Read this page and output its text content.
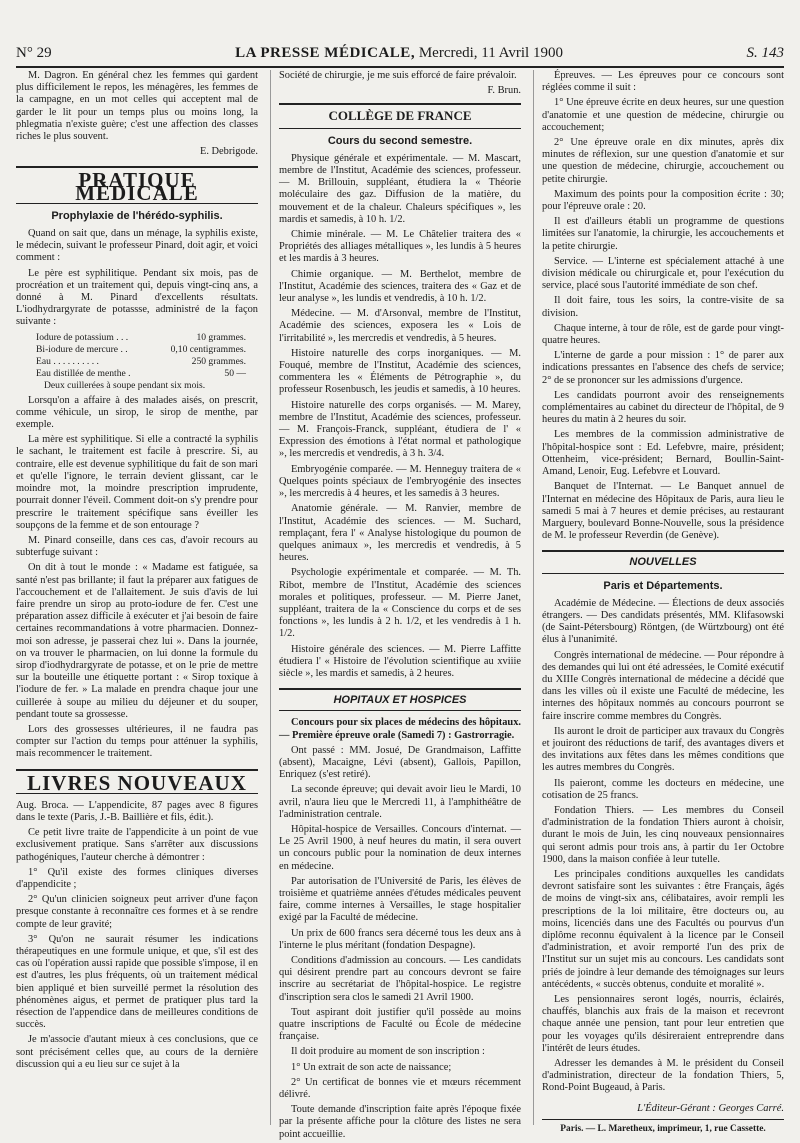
N° 29	LA PRESSE MÉDICALE, Mercredi, 11 Avril 1900	S. 143

M. Dagron. En général chez les femmes qui gardent plus difficilement le repos, les ménagères, les femmes de la campagne, en un mot celles qui acceptent mal de garder le lit pour un temps plus ou moins long, la phlegmatia n'existe guère; c'est une affection des classes riches le plus souvent.

E. Debrigode.

PRATIQUE MÉDICALE
Prophylaxie de l'hérédo-syphilis.

Quand on sait que, dans un ménage, la syphilis existe, le médecin, suivant le professeur Pinard, doit agir, et voici comment :

Le père est syphilitique. Pendant six mois, pas de procréation et un traitement qui, depuis vingt-cinq ans, a donné à M. Pinard d'excellents résultats. L'iodhydrargyrate de potassse, administré de la façon suivante :

Iodure de potassium . . .	10 grammes.
Bi-iodure de mercure . .	0,10 centigrammes.
Eau . . . . . . . . . .	250 grammes.
Eau distillée de menthe .	50 —
Deux cuillerées à soupe pendant six mois.

Lorsqu'on a affaire à des malades aisés, on prescrit, comme véhicule, un sirop, le sirop de menthe, par exemple.

La mère est syphilitique. Si elle a contracté la syphilis le sachant, le traitement est facile à prescrire. Si, au contraire, elle est devenue syphilitique du fait de son mari et qu'elle l'ignore, le terrain devient glissant, car le moindre mot, la moindre prescription imprudente, pourrait donner l'éveil. Comment doit-on s'y prendre pour prescrire le traitement spécifique sans éveiller les soupçons de la femme et de son entourage ?

M. Pinard conseille, dans ces cas, d'avoir recours au subterfuge suivant :

On dit à tout le monde : « Madame est fatiguée, sa santé n'est pas brillante; il faut la préparer aux fatigues de l'accouchement et de l'allaitement. Je suis d'avis de lui faire prendre un sirop au proto-iodure de fer. C'est une préparation assez difficile à exécuter et j'ai besoin de faire certaines recommandations à votre pharmacien. Donnez-moi son adresse, je passerai chez lui ». Dans la journée, on va trouver le pharmacien, on lui donne la formule du sirop d'iodhydrargyrate de potasse, et on le prie de mettre sur la bouteille une étiquette portant : « Sirop toxique à l'iodure de fer. » La malade en prendra chaque jour une cuillerée à soupe au milieu du déjeuner et du souper, pendant toute sa grossesse.

Lors des grossesses ultérieures, il ne faudra pas compter sur l'action du temps pour atténuer la syphilis, mais recommencer le traitement.

LIVRES NOUVEAUX

Aug. Broca. — L'appendicite, 87 pages avec 8 figures dans le texte (Paris, J.-B. Baillière et fils, édit.).

Ce petit livre traite de l'appendicite à un point de vue exclusivement pratique. Sans s'arrêter aux discussions pathogéniques, l'auteur cherche à démontrer :

1° Qu'il existe des formes cliniques diverses d'appendicite ;

2° Qu'un clinicien soigneux peut arriver d'une façon presque constante à reconnaître ces formes et à se rendre compte de leur gravité;

3° Qu'on ne saurait résumer les indications thérapeutiques en une formule unique, et que, s'il est des cas où l'opération aussi rapide que possible s'impose, il en est d'autres, les plus fréquents, où un traitement médical bien appliqué et bien surveillé permet la résolution des phénomènes aigus, et permet de pratiquer plus tard la résection de l'appendice dans de meilleures conditions de succès.

Je m'associe d'autant mieux à ces conclusions, que ce sont précisément celles que, au cours de la dernière discussion qui a eu lieu sur ce sujet à la

Société de chirurgie, je me suis efforcé de faire prévaloir.

F. Brun.

COLLÈGE DE FRANCE
Cours du second semestre.

Physique générale et expérimentale. — M. Mascart, membre de l'Institut, Académie des sciences, professeur. — M. Brillouin, suppléant, étudiera la « Théorie moléculaire des gaz. Diffusion de la matière, du mouvement et de la chaleur. Chaleurs spécifiques », les mardis et samedis, à 10 h. 1/2.

Chimie minérale. — M. Le Châtelier traitera des « Propriétés des alliages métalliques », les lundis à 5 heures et les mardis à 3 heures.

Chimie organique. — M. Berthelot, membre de l'Institut, Académie des sciences, traitera des « Gaz et de leur analyse », les lundis et vendredis, à 10 h. 1/2.

Médecine. — M. d'Arsonval, membre de l'Institut, Académie des sciences, exposera les « Lois de l'irritabilité », les mercredis et vendredis, à 5 heures.

Histoire naturelle des corps inorganiques. — M. Fouqué, membre de l'Institut, Académie des sciences, commentera les « Éléments de Pétrographie », du professeur Rosenbusch, les jeudis et samedis, à 10 heures.

Histoire naturelle des corps organisés. — M. Marey, membre de l'Institut, Académie des sciences, professeur. — M. François-Franck, suppléant, étudiera de l' « Expression des émotions à l'état normal et pathologique », les mercredis et vendredis, à 3 h. 3/4.

Embryogénie comparée. — M. Henneguy traitera de « Quelques points spéciaux de l'embryogénie des insectes », les mercredis à 4 heures, et les samedis à 3 heures.

Anatomie générale. — M. Ranvier, membre de l'Institut, Académie des sciences. — M. Suchard, remplaçant, fera l' « Analyse histologique du poumon de quelques animaux », les mercredis et vendredis, à 5 heures.

Psychologie expérimentale et comparée. — M. Th. Ribot, membre de l'Institut, Académie des sciences morales et politiques, professeur. — M. Pierre Janet, suppléant, traitera de la « Conscience du corps et de ses fonctions », les lundis à 2 h. 1/2, et les vendredis à 1 h. 1/2.

Histoire générale des sciences. — M. Pierre Laffitte étudiera l' « Histoire de l'évolution scientifique au xviiie siècle », les mardis et samedis, à 2 heures.

HOPITAUX ET HOSPICES

Concours pour six places de médecins des hôpitaux. — Première épreuve orale (Samedi 7) : Gastrorragie.

Ont passé : MM. Josué, De Grandmaison, Laffitte (absent), Macaigne, Lévi (absent), Gallois, Papillon, Enriquez (s'est retiré).

La seconde épreuve; qui devait avoir lieu le Mardi, 10 avril, n'aura lieu que le Mercredi 11, à l'amphithéâtre de l'administration centrale.

Hôpital-hospice de Versailles. Concours d'internat. — Le 25 Avril 1900, à neuf heures du matin, il sera ouvert un concours public pour la nomination de deux internes en médecine.

Par autorisation de l'Université de Paris, les élèves de troisième et quatrième années d'études médicales peuvent faire, comme internes à Versailles, le stage hospitalier exigé par la Faculté de médecine.

Un prix de 600 francs sera décerné tous les deux ans à l'interne le plus méritant (fondation Despagne).

Conditions d'admission au concours. — Les candidats qui désirent prendre part au concours devront se faire inscrire au secrétariat de l'hôpital-hospice. Le registre d'inscription sera clos le samedi 21 Avril 1900.

Tout aspirant doit justifier qu'il possède au moins quatre inscriptions de Faculté ou École de médecine française.

Il doit produire au moment de son inscription :

1° Un extrait de son acte de naissance;

2° Un certificat de bonnes vie et mœurs récemment délivré.

Toute demande d'inscription faite après l'époque fixée par la présente affiche pour la clôture des listes ne sera point accueillie.

Épreuves. — Les épreuves pour ce concours sont réglées comme il suit :

1° Une épreuve écrite en deux heures, sur une question d'anatomie et une question de médecine, chirurgie ou accouchement;

2° Une épreuve orale en dix minutes, après dix minutes de réflexion, sur une question d'anatomie et sur une question de médecine, chirurgie, accouchement ou petite chirurgie.

Maximum des points pour la composition écrite : 30; pour l'épreuve orale : 20.

Il est d'ailleurs établi un programme de questions limitées sur l'anatomie, la chirurgie, les accouchements et la petite chirurgie.

Service. — L'interne est spécialement attaché à une division médicale ou chirurgicale et, pour l'exécution du service, placé sous l'autorité immédiate de son chef.

Il doit faire, tous les soirs, la contre-visite de sa division.

Chaque interne, à tour de rôle, est de garde pour vingt-quatre heures.

L'interne de garde a pour mission : 1° de parer aux indications pressantes en l'absence des chefs de service; 2° de se prononcer sur les admissions d'urgence.

Les candidats pourront avoir des renseignements complémentaires au cabinet du directeur de l'hôpital, de 9 heures du matin à 2 heures du soir.

Les membres de la commission administrative de l'hôpital-hospice sont : Ed. Lefebvre, maire, président; Ottenheim, vice-président; Bernard, Boullin-Saint-Amand, Lenoir, Eug. Lefebvre et Louvard.

Banquet de l'Internat. — Le Banquet annuel de l'Internat en médecine des Hôpitaux de Paris, aura lieu le samedi 5 mai à 7 heures et demie précises, au restaurant Marguery, boulevard Bonne-Nouvelle, sous la présidence de M. le professeur Reverdin (de Genève).

NOUVELLES
Paris et Départements.

Académie de Médecine. — Élections de deux associés étrangers. — Des candidats présentés, MM. Klifasowski (de Saint-Pétersbourg) Röntgen, (de Würtzbourg) ont été élus à l'unanimité.

Congrès international de médecine. — Pour répondre à des demandes qui lui ont été adressées, le Comité exécutif du XIIIe Congrès international de médecine a décidé que dans les villes où il existe une Faculté de médecine, les internes des hôpitaux nommés au concours pourront se faire inscrire comme membres du Congrès.

Ils auront le droit de participer aux travaux du Congrès et jouiront des réductions de tarif, des avantages divers et des invitations aux fêtes dans les mêmes conditions que les autres membres du Congrès.

Ils paieront, comme les docteurs en médecine, une cotisation de 25 francs.

Fondation Thiers. — Les membres du Conseil d'administration de la fondation Thiers auront à choisir, durant le mois de Juin, les cinq nouveaux pensionnaires qui seront admis pour trois ans, à partir du 1er Octobre 1900, dans la maison confiée à leur tutelle.

Les principales conditions auxquelles les candidats devront satisfaire sont les suivantes : être Français, âgés de moins de vingt-six ans, célibataires, avoir rempli les prescriptions de la loi militaire, être docteurs ou, au moins, licenciés dans une des Facultés ou pourvus d'un diplôme reconnu équivalent à la licence par le Conseil d'administration, et avoir remporté l'un des prix de l'Institut sur un sujet mis au concours. Les candidats sont priés de joindre à leur demande des témoignages sur leurs antécédents, « succès obtenus, conduite et moralité ».

Les pensionnaires seront logés, nourris, éclairés, chauffés, blanchis aux frais de la maison et recevront chaque année une pension, tant pour leur entretien que pour les voyages qu'ils désireraient entreprendre dans l'intérêt de leurs études.

Adresser les demandes à M. le président du Conseil d'administration, directeur de la fondation Thiers, 5, Rond-Point Bugeaud, à Paris.

L'Éditeur-Gérant : Georges Carré.

Paris. — L. Maretheux, imprimeur, 1, rue Cassette.
